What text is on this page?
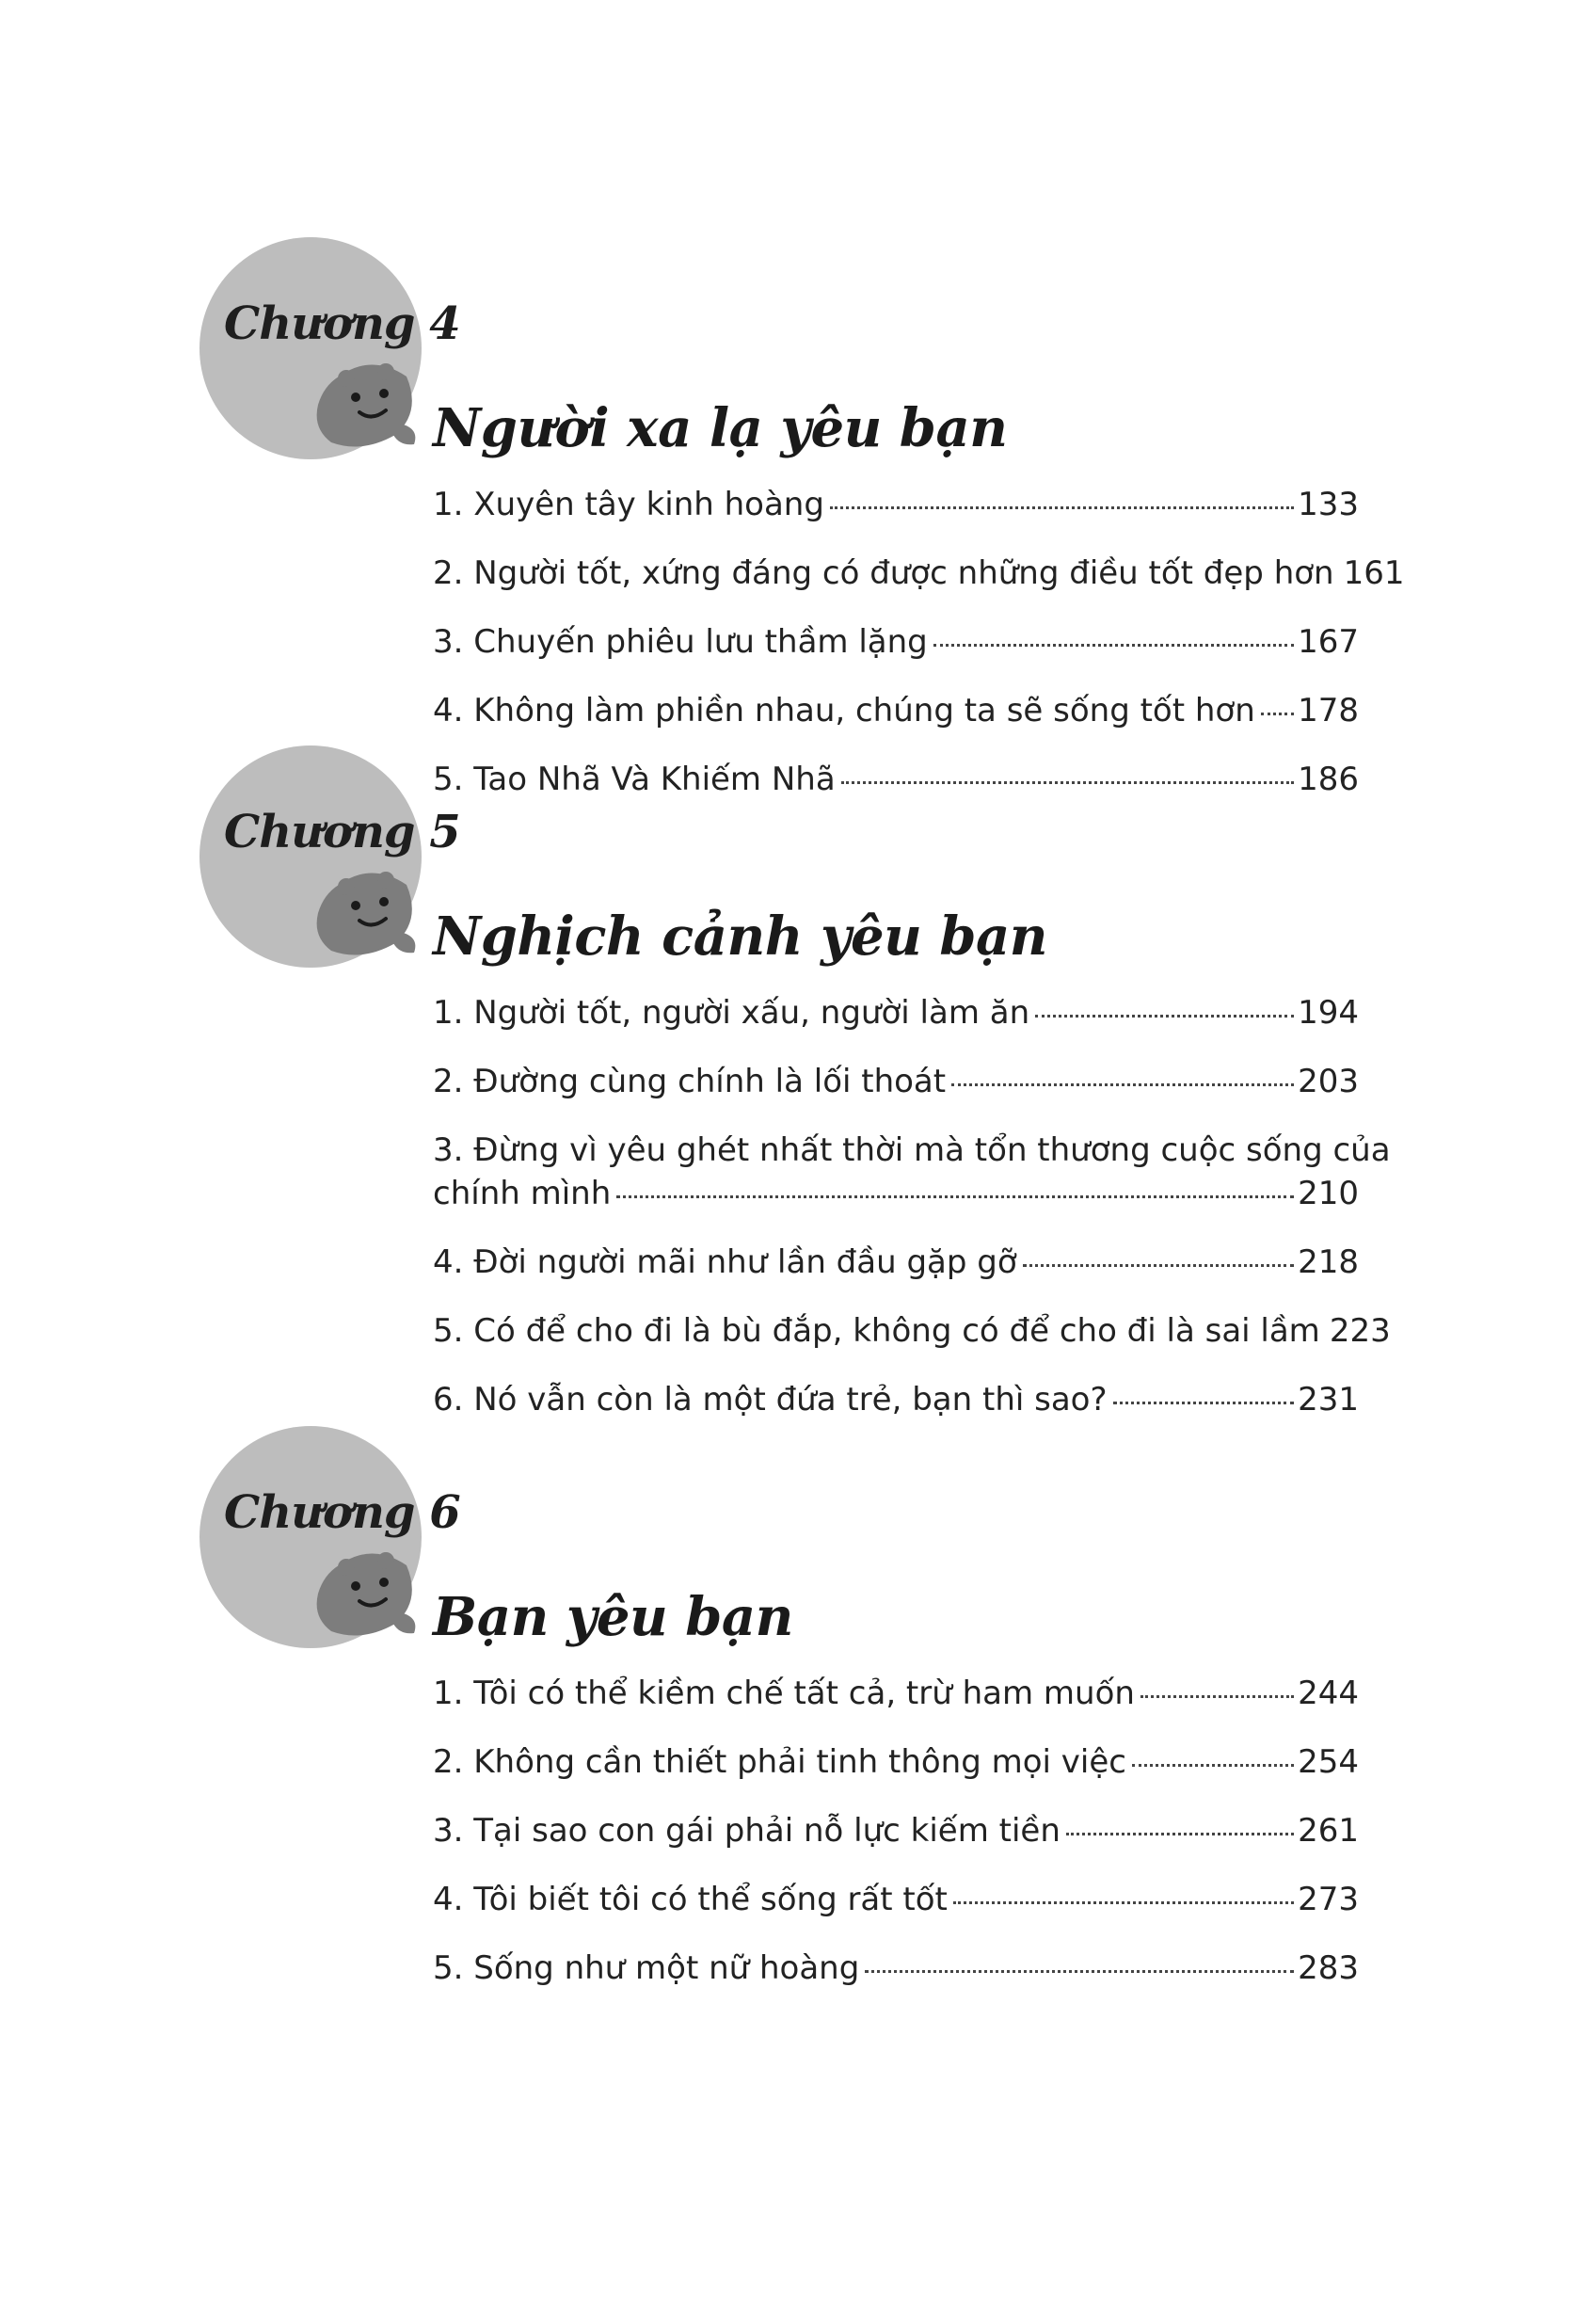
Chương 4
Người xa lạ yêu bạn
1. Xuyên tây kinh hoàng	133
2. Người tốt, xứng đáng có được những điều tốt đẹp hơn 161
3. Chuyến phiêu lưu thầm lặng	167
4. Không làm phiền nhau, chúng ta sẽ sống tốt hơn 178
5. Tao Nhã Và Khiếm Nhã	186
Chương 5
Nghịch cảnh yêu bạn
1. Người tốt, người xấu, người làm ăn	194
2. Đường cùng chính là lối thoát	203
3. Đừng vì yêu ghét nhất thời mà tổn thương cuộc sống của
chính mình	210
4. Đời người mãi như lần đầu gặp gỡ	218
5. Có để cho đi là bù đắp, không có để cho đi là sai lầm 223
6. Nó vẫn còn là một đứa trẻ, bạn thì sao?	231
Chương 6
Bạn yêu bạn
1. Tôi có thể kiềm chế tất cả, trừ ham muốn	244
2. Không cần thiết phải tinh thông mọi việc	254
3. Tại sao con gái phải nỗ lực kiếm tiền	261
4. Tôi biết tôi có thể sống rất tốt	273
5. Sống như một nữ hoàng	283
